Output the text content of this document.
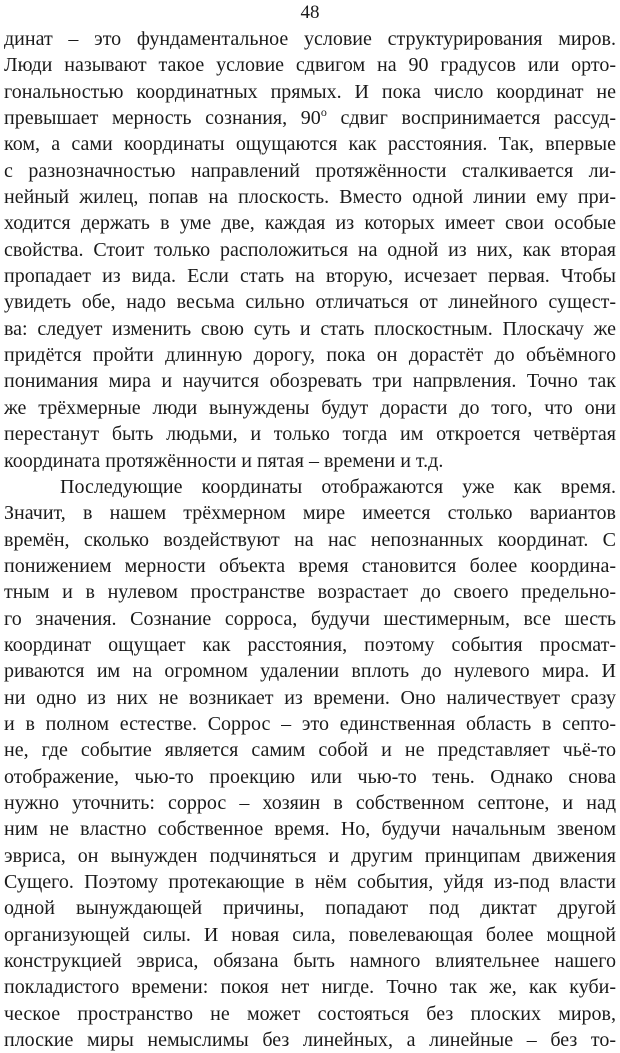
48
динат – это фундаментальное условие структурирования миров.
Люди называют такое условие сдвигом на 90 градусов или орто-
гональностью координатных прямых. И пока число координат не
превышает мерность сознания, $90^о$ сдвиг воспринимается рассуд-
ком, а сами координаты ощущаются как расстояния. Так, впервые
с разнозначностью направлений протяжённости сталкивается ли-
нейный жилец, попав на плоскость. Вместо одной линии ему при-
ходится держать в уме две, каждая из которых имеет свои особые
свойства. Стоит только расположиться на одной из них, как вторая
пропадает из вида. Если стать на вторую, исчезает первая. Чтобы
увидеть обе, надо весьма сильно отличаться от линейного сущест-
ва: следует изменить свою суть и стать плоскостным. Плоскачу же
придётся пройти длинную дорогу, пока он дорастёт до объёмного
понимания мира и научится обозревать три напрвления. Точно так
же трёхмерные люди вынуждены будут дорасти до того, что они
перестанут быть людьми, и только тогда им откроется четвёртая
координата протяжённости и пятая – времени и т.д.
Последующие координаты отображаются уже как время.
Значит, в нашем трёхмерном мире имеется столько вариантов
времён, сколько воздействуют на нас непознанных координат. С
понижением мерности объекта время становится более координа-
тным и в нулевом пространстве возрастает до своего предельно-
го значения. Сознание сорроса, будучи шестимерным, все шесть
координат ощущает как расстояния, поэтому события просмат-
риваются им на огромном удалении вплоть до нулевого мира. И
ни одно из них не возникает из времени. Оно наличествует сразу
и в полном естестве. Соррос – это единственная область в септо-
не, где событие является самим собой и не представляет чьё-то
отображение, чью-то проекцию или чью-то тень. Однако снова
нужно уточнить: соррос – хозяин в собственном септоне, и над
ним не властно собственное время. Но, будучи начальным звеном
эвриса, он вынужден подчиняться и другим принципам движения
Сущего. Поэтому протекающие в нём события, уйдя из-под власти
одной вынуждающей причины, попадают под диктат другой
организующей силы. И новая сила, повелевающая более мощной
конструкцией эвриса, обязана быть намного влиятельнее нашего
покладистого времени: покоя нет нигде. Точно так же, как куби-
ческое пространство не может состояться без плоских миров,
плоские миры немыслимы без линейных, а линейные – без то-
